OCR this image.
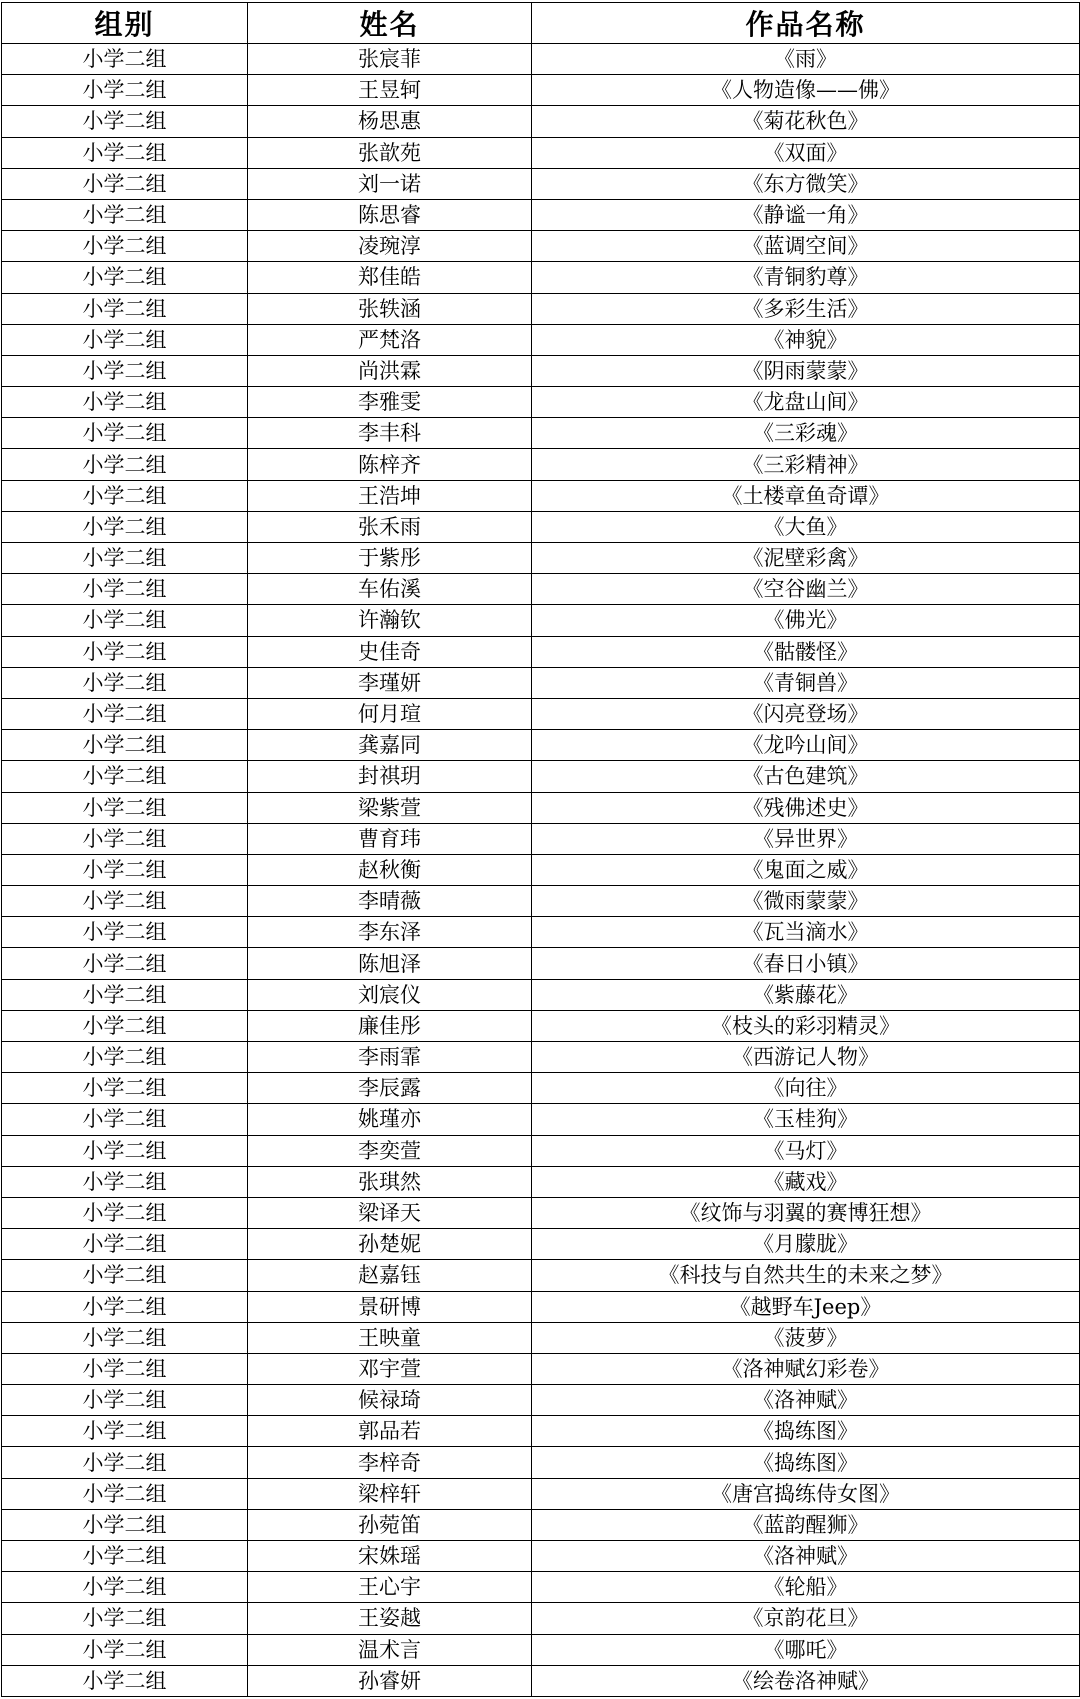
组别	姓名	作品名称
小学二组	张宸菲	《雨》
小学二组	王昱轲	《人物造像——佛》
小学二组	杨思惠	《菊花秋色》
小学二组	张歆苑	《双面》
小学二组	刘一诺	《东方微笑》
小学二组	陈思睿	《静谧一角》
小学二组	凌琬淳	《蓝调空间》
小学二组	郑佳皓	《青铜豹尊》
小学二组	张轶涵	《多彩生活》
小学二组	严梵洛	《神貌》
小学二组	尚洪霖	《阴雨蒙蒙》
小学二组	李雅雯	《龙盘山间》
小学二组	李丰科	《三彩魂》
小学二组	陈梓齐	《三彩精神》
小学二组	王浩坤	《土楼章鱼奇谭》
小学二组	张禾雨	《大鱼》
小学二组	于紫彤	《泥壁彩禽》
小学二组	车佑溪	《空谷幽兰》
小学二组	许瀚钦	《佛光》
小学二组	史佳奇	《骷髅怪》
小学二组	李瑾妍	《青铜兽》
小学二组	何月瑄	《闪亮登场》
小学二组	龚嘉同	《龙吟山间》
小学二组	封祺玥	《古色建筑》
小学二组	梁紫萱	《残佛述史》
小学二组	曹育玮	《异世界》
小学二组	赵秋衡	《鬼面之威》
小学二组	李晴薇	《微雨蒙蒙》
小学二组	李东泽	《瓦当滴水》
小学二组	陈旭泽	《春日小镇》
小学二组	刘宸仪	《紫藤花》
小学二组	廉佳彤	《枝头的彩羽精灵》
小学二组	李雨霏	《西游记人物》
小学二组	李辰露	《向往》
小学二组	姚瑾亦	《玉桂狗》
小学二组	李奕萱	《马灯》
小学二组	张琪然	《藏戏》
小学二组	梁译天	《纹饰与羽翼的赛博狂想》
小学二组	孙楚妮	《月朦胧》
小学二组	赵嘉钰	《科技与自然共生的未来之梦》
小学二组	景研博	《越野车Jeep》
小学二组	王映童	《菠萝》
小学二组	邓宇萱	《洛神赋幻彩卷》
小学二组	候禄琦	《洛神赋》
小学二组	郭品若	《捣练图》
小学二组	李梓奇	《捣练图》
小学二组	梁梓轩	《唐宫捣练侍女图》
小学二组	孙菀笛	《蓝韵醒狮》
小学二组	宋姝瑶	《洛神赋》
小学二组	王心宇	《轮船》
小学二组	王姿越	《京韵花旦》
小学二组	温术言	《哪吒》
小学二组	孙睿妍	《绘卷洛神赋》
